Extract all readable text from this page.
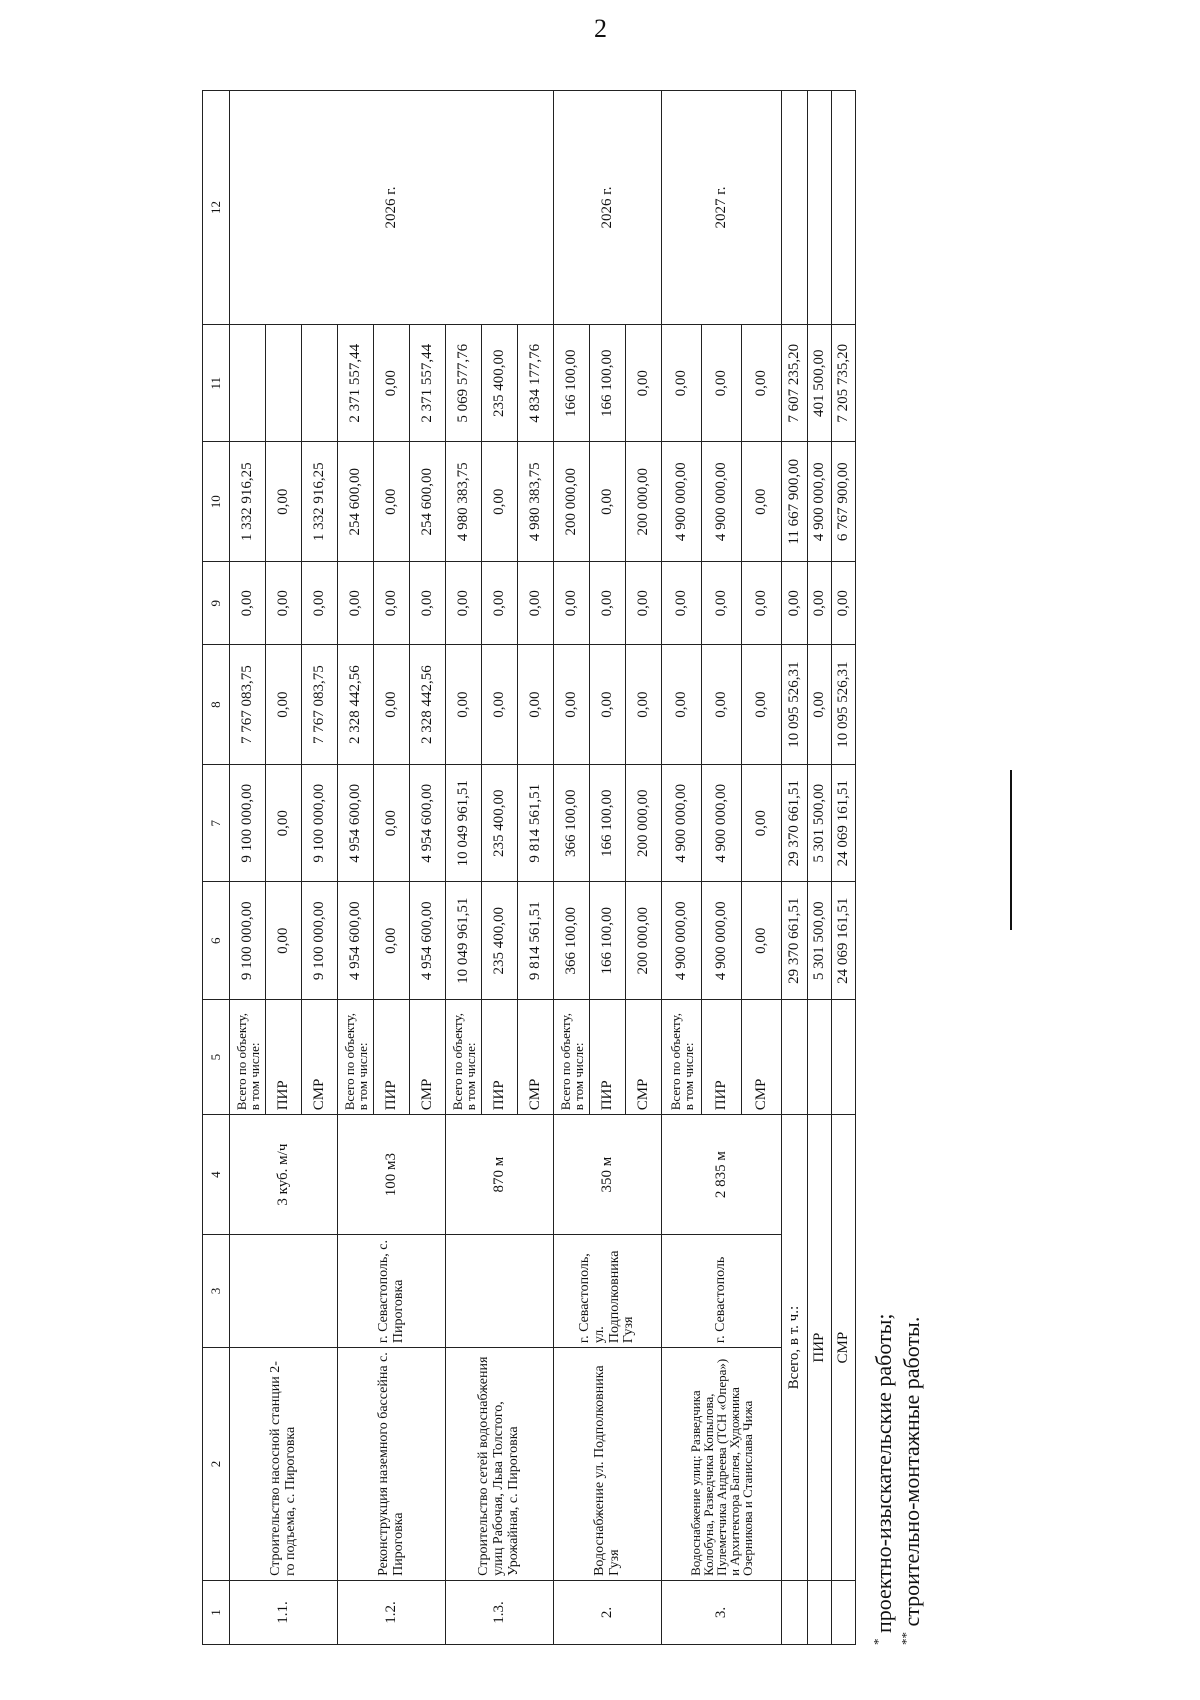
2
1	2	3	4	5	6	7	8	9	10	11	12
1.1.	Строительство насосной станции 2-го подъема, с. Пироговка		3 куб. м/ч	Всего по объекту, в том числе:	9 100 000,00	9 100 000,00	7 767 083,75	0,00	1 332 916,25		2026 г.
				ПИР	0,00	0,00	0,00	0,00	0,00		
				СМР	9 100 000,00	9 100 000,00	7 767 083,75	0,00	1 332 916,25		
1.2.	Реконструкция наземного бассейна с. Пироговка	г. Севастополь, с. Пироговка	100 м3	Всего по объекту, в том числе:	4 954 600,00	4 954 600,00	2 328 442,56	0,00	254 600,00	2 371 557,44	
				ПИР	0,00	0,00	0,00	0,00	0,00	0,00	
				СМР	4 954 600,00	4 954 600,00	2 328 442,56	0,00	254 600,00	2 371 557,44	
1.3.	Строительство сетей водоснабжения улиц Рабочая, Льва Толстого, Урожайная, с. Пироговка		870 м	Всего по объекту, в том числе:	10 049 961,51	10 049 961,51	0,00	0,00	4 980 383,75	5 069 577,76	
				ПИР	235 400,00	235 400,00	0,00	0,00	0,00	235 400,00	
				СМР	9 814 561,51	9 814 561,51	0,00	0,00	4 980 383,75	4 834 177,76	
2.	Водоснабжение ул. Подполковника Гузя	г. Севастополь, ул. Подполковника Гузя	350 м	Всего по объекту, в том числе:	366 100,00	366 100,00	0,00	0,00	200 000,00	166 100,00	2026 г.
				ПИР	166 100,00	166 100,00	0,00	0,00	0,00	166 100,00	
				СМР	200 000,00	200 000,00	0,00	0,00	200 000,00	0,00	
3.	Водоснабжение улиц: Разведчика Колобуна, Разведчика Копылова, Пулеметчика Андреева (ТСН «Опера») и Архитектора Баглея, Художника Озерникова и Станислава Чижа	г. Севастополь	2 835 м	Всего по объекту, в том числе:	4 900 000,00	4 900 000,00	0,00	0,00	4 900 000,00	0,00	2027 г.
				ПИР	4 900 000,00	4 900 000,00	0,00	0,00	4 900 000,00	0,00	
				СМР	0,00	0,00	0,00	0,00	0,00	0,00	
	Всего, в т. ч.:				29 370 661,51	29 370 661,51	10 095 526,31	0,00	11 667 900,00	7 607 235,20	
	ПИР				5 301 500,00	5 301 500,00	0,00	0,00	4 900 000,00	401 500,00	
	СМР				24 069 161,51	24 069 161,51	10 095 526,31	0,00	6 767 900,00	7 205 735,20	
* проектно-изыскательские работы;
** строительно-монтажные работы.
